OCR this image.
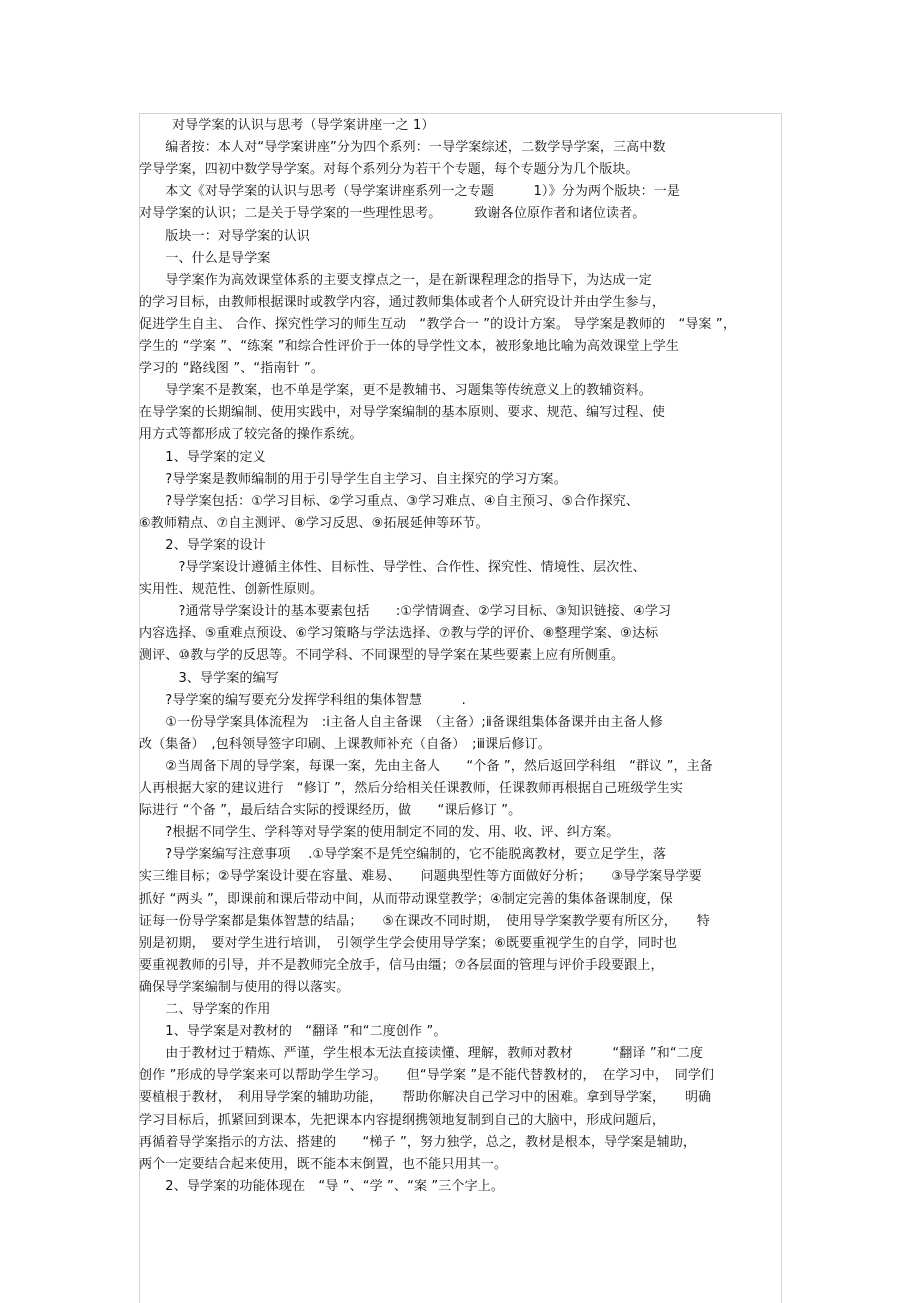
对导学案的认识与思考（导学案讲座一之 1）

　　编者按：本人对“导学案讲座”分为四个系列：一导学案综述，二数学导学案，三高中数

学导学案，四初中数学导学案。对每个系列分为若干个专题，每个专题分为几个版块。

　　本文《对导学案的认识与思考（导学案讲座系列一之专题　　　1）》分为两个版块：一是

对导学案的认识；二是关于导学案的一些理性思考。　　　致谢各位原作者和诸位读者。

　　版块一：对导学案的认识

　　一、什么是导学案

　　导学案作为高效课堂体系的主要支撑点之一，是在新课程理念的指导下，为达成一定

的学习目标，由教师根据课时或教学内容，通过教师集体或者个人研究设计并由学生参与，

促进学生自主、 合作、探究性学习的师生互动　“教学合一 ”的设计方案。 导学案是教师的　“导案 ”，

学生的 “学案 ”、“练案 ”和综合性评价于一体的导学性文本，被形象地比喻为高效课堂上学生

学习的 “路线图 ”、“指南针 ”。

　　导学案不是教案，也不单是学案，更不是教辅书、习题集等传统意义上的教辅资料。

在导学案的长期编制、使用实践中，对导学案编制的基本原则、要求、规范、编写过程、使

用方式等都形成了较完备的操作系统。

　　1、导学案的定义

　　?导学案是教师编制的用于引导学生自主学习、自主探究的学习方案。

　　?导学案包括：①学习目标、②学习重点、③学习难点、④自主预习、⑤合作探究、

⑥教师精点、⑦自主测评、⑧学习反思、⑨拓展延伸等环节。

　　2、导学案的设计

　　　?导学案设计遵循主体性、目标性、导学性、合作性、探究性、情境性、层次性、

实用性、规范性、创新性原则。

　　　?通常导学案设计的基本要素包括　　:①学情调查、②学习目标、③知识链接、④学习

内容选择、⑤重难点预设、⑥学习策略与学法选择、⑦教与学的评价、⑧整理学案、⑨达标

测评、⑩教与学的反思等。不同学科、不同课型的导学案在某些要素上应有所侧重。

　　　3、导学案的编写

　　?导学案的编写要充分发挥学科组的集体智慧　　　.

　　①一份导学案具体流程为　:ⅰ主备人自主备课　（主备）;ⅱ备课组集体备课并由主备人修

改（集备）　,包科领导签字印刷、上课教师补充（自备）　;ⅲ课后修订。

　　②当周备下周的导学案，每课一案，先由主备人　　“个备 ”，然后返回学科组　“群议 ”，主备

人再根据大家的建议进行　“修订 ”，然后分给相关任课教师，任课教师再根据自己班级学生实

际进行 “个备 ”，最后结合实际的授课经历，做　　“课后修订 ”。

　　?根据不同学生、学科等对导学案的使用制定不同的发、用、收、评、纠方案。

　　?导学案编写注意事项　 .①导学案不是凭空编制的，它不能脱离教材，要立足学生，落

实三维目标；②导学案设计要在容量、难易、　　问题典型性等方面做好分析；　　③导学案导学要

抓好 “两头 ”，即课前和课后带动中间，从而带动课堂教学；④制定完善的集体备课制度，保

证每一份导学案都是集体智慧的结晶；　　⑤在课改不同时期，　使用导学案教学要有所区分，　　特

别是初期，　要对学生进行培训，　引领学生学会使用导学案；⑥既要重视学生的自学，同时也

要重视教师的引导，并不是教师完全放手，信马由缰；⑦各层面的管理与评价手段要跟上，

确保导学案编制与使用的得以落实。

　　二、导学案的作用

　　1、导学案是对教材的　“翻译 ”和“二度创作 ”。

　　由于教材过于精炼、严谨，学生根本无法直接读懂、理解，教师对教材　　　“翻译 ”和“二度

创作 ”形成的导学案来可以帮助学生学习。　　但“导学案 ”是不能代替教材的，　在学习中，　同学们

要植根于教材，　利用导学案的辅助功能，　　帮助你解决自己学习中的困难。拿到导学案，　　明确

学习目标后，抓紧回到课本，先把课本内容提纲携领地复制到自己的大脑中，形成问题后，

再循着导学案指示的方法、搭建的　　“梯子 ”，努力独学，总之，教材是根本，导学案是辅助，

两个一定要结合起来使用，既不能本末倒置，也不能只用其一。

　　2、导学案的功能体现在　“导 ”、“学 ”、“案 ”三个字上。
